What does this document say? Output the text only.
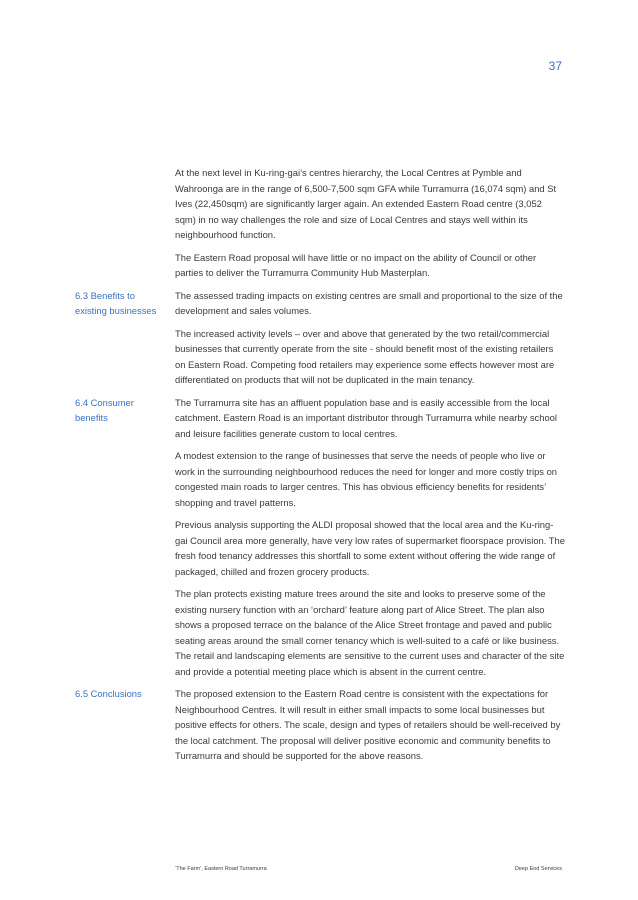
37

At the next level in Ku-ring-gai’s centres hierarchy, the Local Centres at Pymble and Wahroonga are in the range of 6,500-7,500 sqm GFA while Turramurra (16,074 sqm) and St Ives (22,450sqm) are significantly larger again. An extended Eastern Road centre (3,052 sqm) in no way challenges the role and size of Local Centres and stays well within its neighbourhood function.

The Eastern Road proposal will have little or no impact on the ability of Council or other parties to deliver the Turramurra Community Hub Masterplan.

6.3 Benefits to
existing businesses

The assessed trading impacts on existing centres are small and proportional to the size of the development and sales volumes.

The increased activity levels – over and above that generated by the two retail/commercial businesses that currently operate from the site - should benefit most of the existing retailers on Eastern Road. Competing food retailers may experience some effects however most are differentiated on products that will not be duplicated in the main tenancy.

6.4 Consumer
benefits

The Turramurra site has an affluent population base and is easily accessible from the local catchment. Eastern Road is an important distributor through Turramurra while nearby school and leisure facilities generate custom to local centres.

A modest extension to the range of businesses that serve the needs of people who live or work in the surrounding neighbourhood reduces the need for longer and more costly trips on congested main roads to larger centres. This has obvious efficiency benefits for residents’ shopping and travel patterns.

Previous analysis supporting the ALDI proposal showed that the local area and the Ku-ring-gai Council area more generally, have very low rates of supermarket floorspace provision. The fresh food tenancy addresses this shortfall to some extent without offering the wide range of packaged, chilled and frozen grocery products.

The plan protects existing mature trees around the site and looks to preserve some of the existing nursery function with an ‘orchard’ feature along part of Alice Street. The plan also shows a proposed terrace on the balance of the Alice Street frontage and paved and public seating areas around the small corner tenancy which is well-suited to a café or like business. The retail and landscaping elements are sensitive to the current uses and character of the site and provide a potential meeting place which is absent in the current centre.

6.5 Conclusions	The proposed extension to the Eastern Road centre is consistent with the expectations for Neighbourhood Centres. It will result in either small impacts to some local businesses but positive effects for others. The scale, design and types of retailers should be well-received by the local catchment. The proposal will deliver positive economic and community benefits to Turramurra and should be supported for the above reasons.

‘The Farm’, Eastern Road Turramurra	Deep End Services
